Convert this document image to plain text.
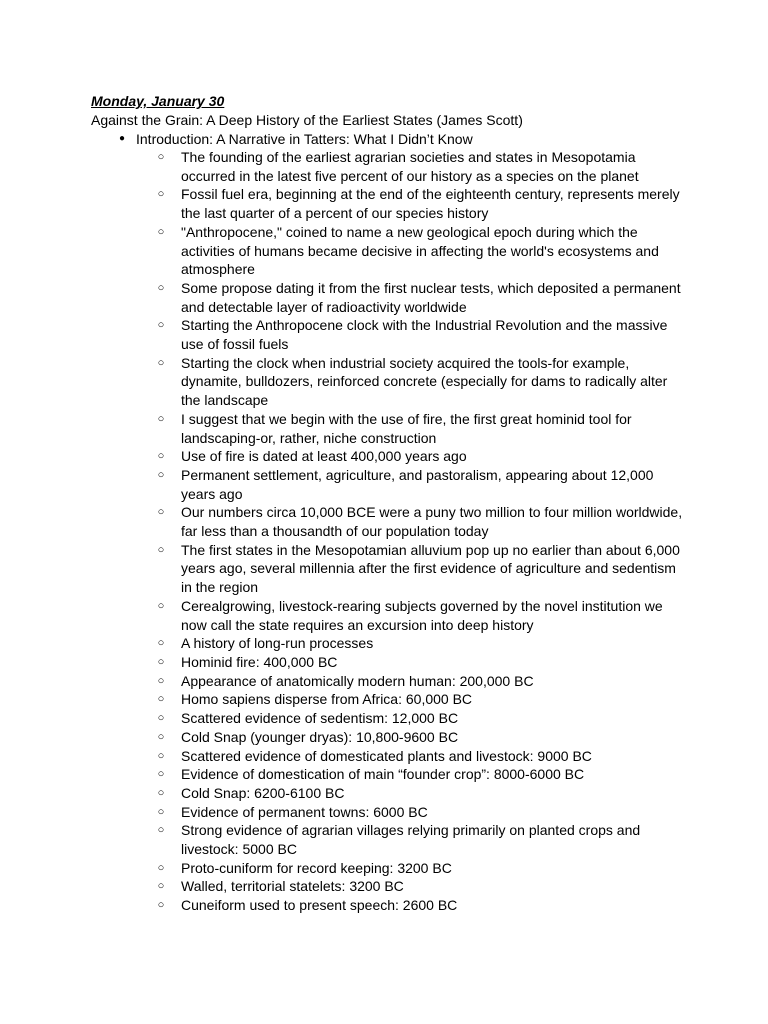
Monday, January 30
Against the Grain: A Deep History of the Earliest States (James Scott)
● Introduction: A Narrative in Tatters: What I Didn’t Know
○ The founding of the earliest agrarian societies and states in Mesopotamia occurred in the latest five percent of our history as a species on the planet
○ Fossil fuel era, beginning at the end of the eighteenth century, represents merely the last quarter of a percent of our species history
○ "Anthropocene," coined to name a new geological epoch during which the activities of humans became decisive in affecting the world's ecosystems and atmosphere
○ Some propose dating it from the first nuclear tests, which deposited a permanent and detectable layer of radioactivity worldwide
○ Starting the Anthropocene clock with the Industrial Revolution and the massive use of fossil fuels
○ Starting the clock when industrial society acquired the tools-for example, dynamite, bulldozers, reinforced concrete (especially for dams to radically alter the landscape
○ I suggest that we begin with the use of fire, the first great hominid tool for landscaping-or, rather, niche construction
○ Use of fire is dated at least 400,000 years ago
○ Permanent settlement, agriculture, and pastoralism, appearing about 12,000 years ago
○ Our numbers circa 10,000 BCE were a puny two million to four million worldwide, far less than a thousandth of our population today
○ The first states in the Mesopotamian alluvium pop up no earlier than about 6,000 years ago, several millennia after the first evidence of agriculture and sedentism in the region
○ Cerealgrowing, livestock-rearing subjects governed by the novel institution we now call the state requires an excursion into deep history
○ A history of long-run processes
○ Hominid fire: 400,000 BC
○ Appearance of anatomically modern human: 200,000 BC
○ Homo sapiens disperse from Africa: 60,000 BC
○ Scattered evidence of sedentism: 12,000 BC
○ Cold Snap (younger dryas): 10,800-9600 BC
○ Scattered evidence of domesticated plants and livestock: 9000 BC
○ Evidence of domestication of main “founder crop”: 8000-6000 BC
○ Cold Snap: 6200-6100 BC
○ Evidence of permanent towns: 6000 BC
○ Strong evidence of agrarian villages relying primarily on planted crops and livestock: 5000 BC
○ Proto-cuniform for record keeping: 3200 BC
○ Walled, territorial statelets: 3200 BC
○ Cuneiform used to present speech: 2600 BC
